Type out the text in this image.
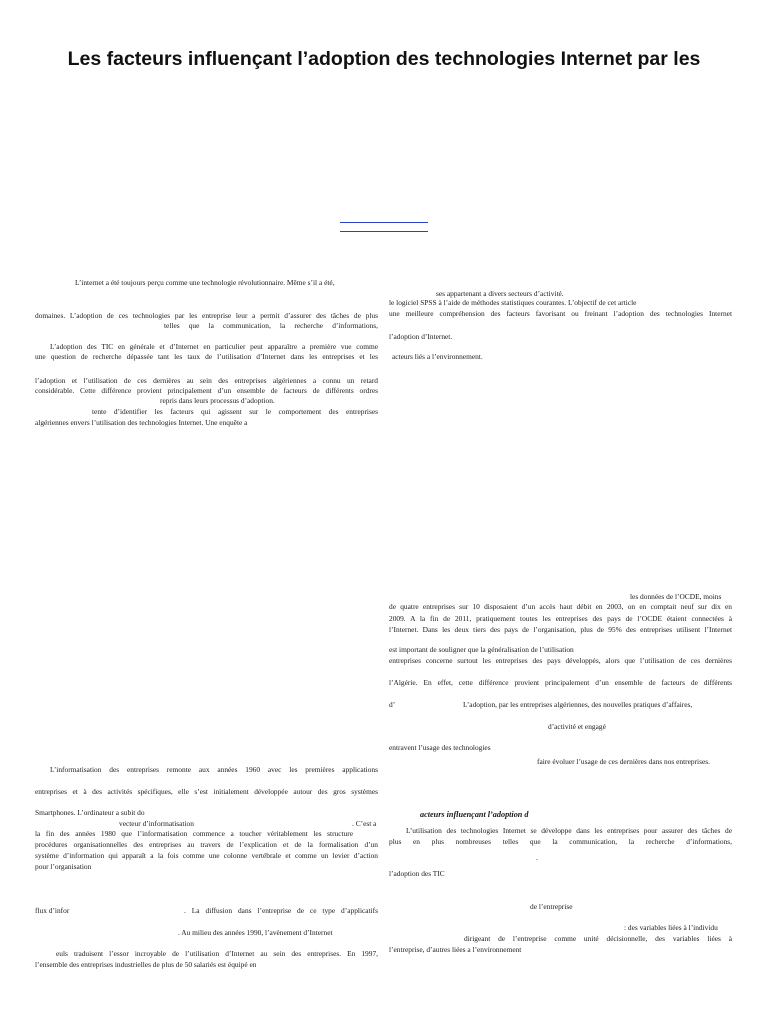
Les facteurs influençant l’adoption des technologies Internet par les
L’internet a été toujours perçu comme une technologie révolutionnaire. Même s’il a été,
domaines. L’adoption de ces technologies par les entreprise leur a permit d’assurer des tâches de plus
telles que la communication, la recherche d’informations,
L’adoption des TIC en générale et d’Internet en particulier peut apparaître a première vue comme
une question de recherche dépassée tant les taux de l’utilisation d’Internet dans les entreprises et les
l’adoption et l’utilisation de ces dernières au sein des entreprises algériennes a connu un retard
considérable. Cette différence provient principalement d’un ensemble de facteurs de différents ordres
repris dans leurs processus d’adoption.
tente d’identifier les facteurs qui agissent sur le comportement des entreprises
algériennes envers l’utilisation des technologies Internet. Une enquête a
ses appartenant a divers secteurs d’activité.
le logiciel SPSS à l’aide de méthodes statistiques courantes. L’objectif de cet article
une meilleure compréhension des facteurs favorisant ou freinant l’adoption des technologies Internet
l’adoption d’Internet.
acteurs liés a l’environnement.
les données de l’OCDE, moins
de quatre entreprises sur 10 disposaient d’un accès haut débit en 2003, on en comptait neuf sur dix en
2009. A la fin de 2011, pratiquement toutes les entreprises des pays de l’OCDE étaient connectées à
l’Internet. Dans les deux tiers des pays de l’organisation, plus de 95% des entreprises utilisent l’Internet
est important de souligner que la généralisation de l’utilisation
entreprises concerne surtout les entreprises des pays développés, alors que l’utilisation de ces dernières
l’Algérie. En effet, cette différence provient principalement d’un ensemble de facteurs de différents
d’	L’adoption, par les entreprises algériennes, des nouvelles pratiques d’affaires,
d’activité et engagé
entravent l’usage des technologies
faire évoluer l’usage de ces dernières dans nos entreprises.
L’informatisation des entreprises remonte aux années 1960 avec les premières applications
entreprises et à des activités spécifiques, elle s’est initialement développée autour des gros systèmes
Smartphones. L’ordinateur a subit do
vecteur d’informatisation	. C’est a
la fin des années 1980 que l’informatisation commence a toucher véritablement les structure
procédures organisationnelles des entreprises au travers de l’explication et de la formalisation d’un
système d’information qui apparaît a la fois comme une colonne vertébrale et comme un levier d’action
pour l’organisation
flux d’infor	. La diffusion dans l’entreprise de ce type d’applicatifs
. Au milieu des années 1990, l’avènement d’Internet
euls traduisent l’essor incroyable de l’utilisation d’Internet au sein des entreprises. En 1997,
l’ensemble des entreprises industrielles de plus de 50 salariés est équipé en
acteurs influençant l’adoption d
L’utilisation des technologies Internet se développe dans les entreprises pour assurer des tâches de
plus en plus nombreuses telles que la communication, la recherche d’informations,
.
l’adoption des TIC
de l’entreprise
: des variables liées à l’individu
dirigeant de l’entreprise comme unité décisionnelle, des variables liées à
l’entreprise, d’autres liées a l’environnement
